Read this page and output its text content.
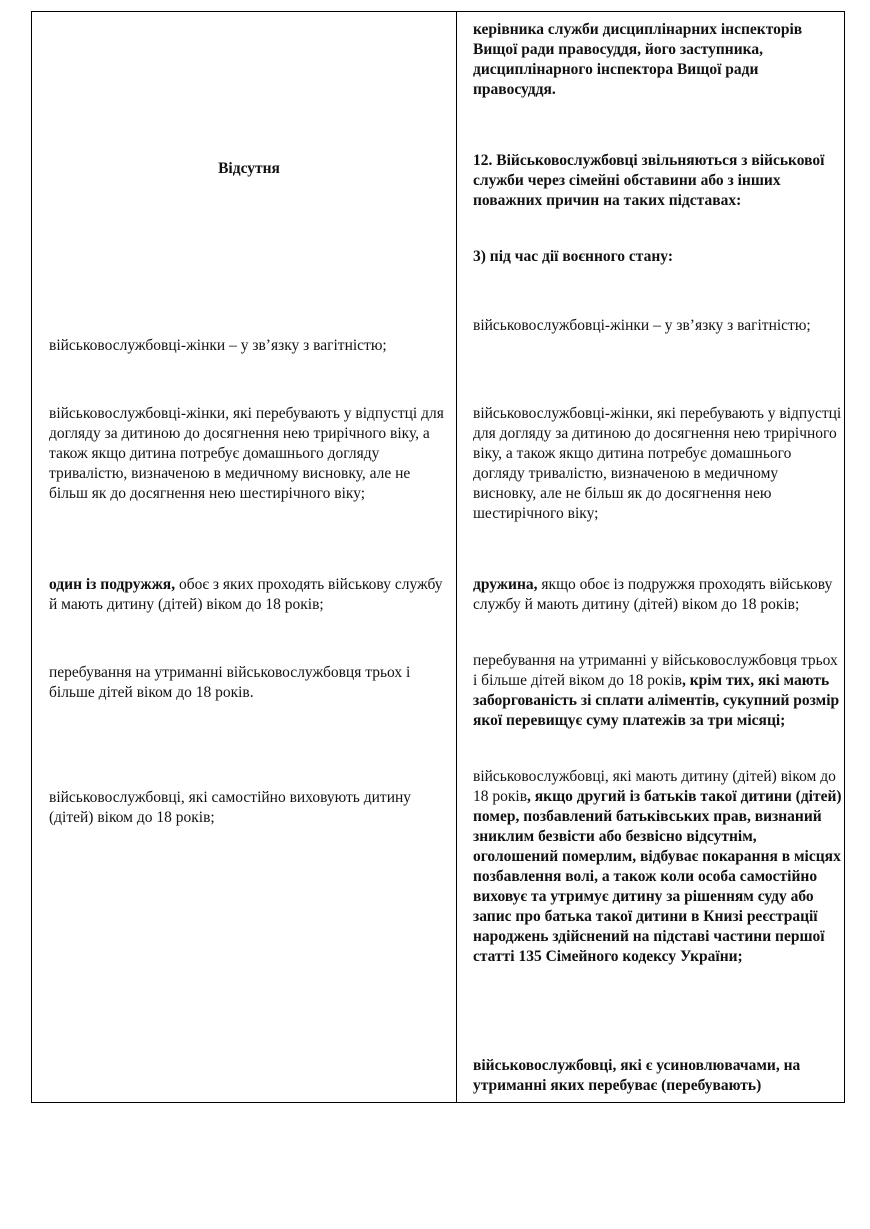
Відсутня

військовослужбовці-жінки – у зв’язку з вагітністю;

військовослужбовці-жінки, які перебувають у відпустці для догляду за дитиною до досягнення нею трирічного віку, а також якщо дитина потребує домашнього догляду тривалістю, визначеною в медичному висновку, але не більш як до досягнення нею шестирічного віку;

один із подружжя, обоє з яких проходять військову службу й мають дитину (дітей) віком до 18 років;

перебування на утриманні військовослужбовця трьох і більше дітей віком до 18 років.

військовослужбовці, які самостійно виховують дитину (дітей) віком до 18 років;

керівника служби дисциплінарних інспекторів Вищої ради правосуддя, його заступника, дисциплінарного інспектора Вищої ради правосуддя.

12. Військовослужбовці звільняються з військової служби через сімейні обставини або з інших поважних причин на таких підставах:

3) під час дії воєнного стану:

військовослужбовці-жінки – у зв’язку з вагітністю;

військовослужбовці-жінки, які перебувають у відпустці для догляду за дитиною до досягнення нею трирічного віку, а також якщо дитина потребує домашнього догляду тривалістю, визначеною в медичному висновку, але не більш як до досягнення нею шестирічного віку;

дружина, якщо обоє із подружжя проходять військову службу й мають дитину (дітей) віком до 18 років;

перебування на утриманні у військовослужбовця трьох і більше дітей віком до 18 років, крім тих, які мають заборгованість зі сплати аліментів, сукупний розмір якої перевищує суму платежів за три місяці;

військовослужбовці, які мають дитину (дітей) віком до 18 років, якщо другий із батьків такої дитини (дітей) помер, позбавлений батьківських прав, визнаний зниклим безвісти або безвісно відсутнім, оголошений померлим, відбуває покарання в місцях позбавлення волі, а також коли особа самостійно виховує та утримує дитину за рішенням суду або запис про батька такої дитини в Книзі реєстрації народжень здійснений на підставі частини першої статті 135 Сімейного кодексу України;

військовослужбовці, які є усиновлювачами, на утриманні яких перебуває (перебувають)
